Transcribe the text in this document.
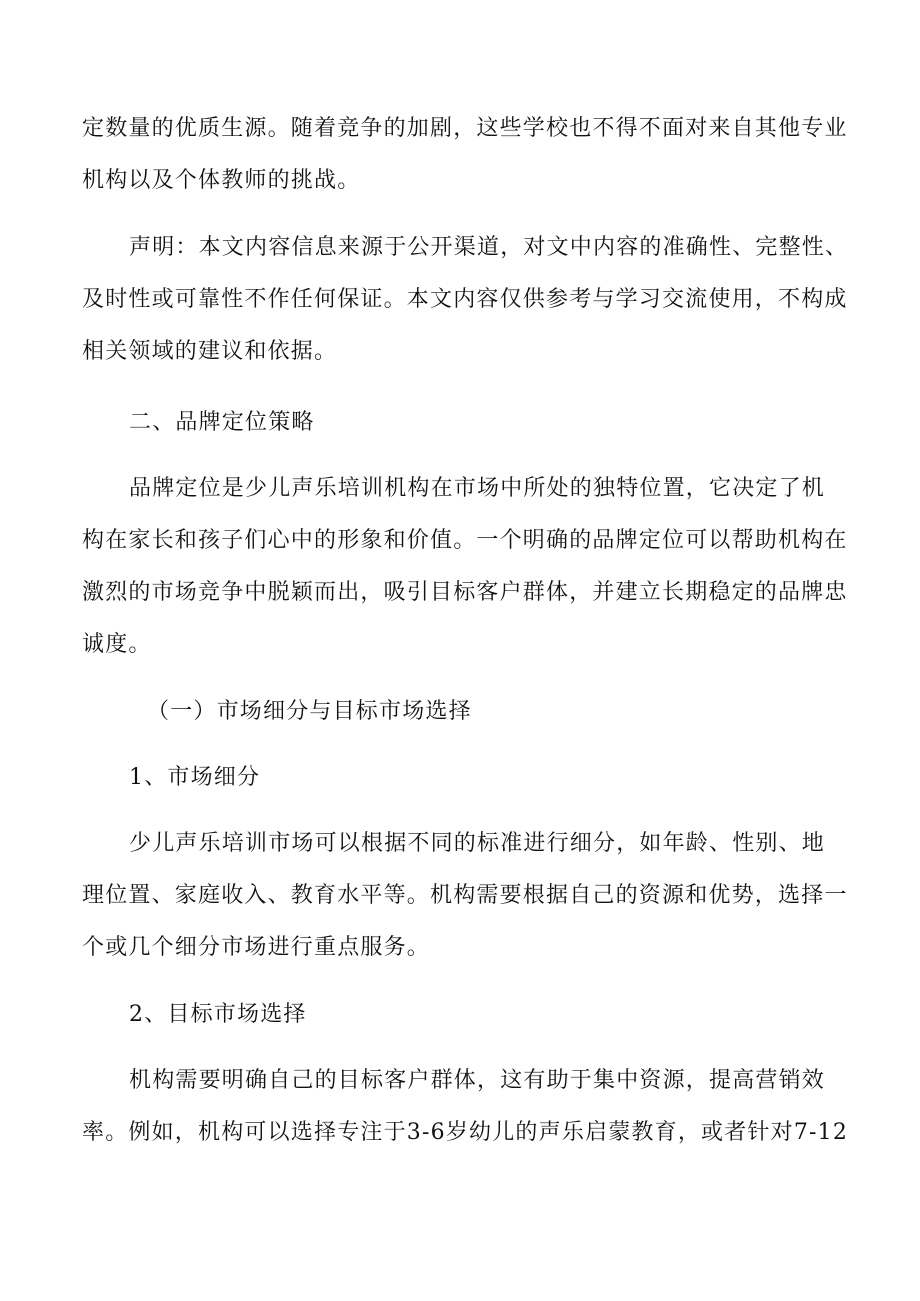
定数量的优质生源。随着竞争的加剧，这些学校也不得不面对来自其他专业
机构以及个体教师的挑战。
声明：本文内容信息来源于公开渠道，对文中内容的准确性、完整性、
及时性或可靠性不作任何保证。本文内容仅供参考与学习交流使用，不构成
相关领域的建议和依据。
二、品牌定位策略
品牌定位是少儿声乐培训机构在市场中所处的独特位置，它决定了机
构在家长和孩子们心中的形象和价值。一个明确的品牌定位可以帮助机构在
激烈的市场竞争中脱颖而出，吸引目标客户群体，并建立长期稳定的品牌忠
诚度。
（一）市场细分与目标市场选择
1、市场细分
少儿声乐培训市场可以根据不同的标准进行细分，如年龄、性别、地
理位置、家庭收入、教育水平等。机构需要根据自己的资源和优势，选择一
个或几个细分市场进行重点服务。
2、目标市场选择
机构需要明确自己的目标客户群体，这有助于集中资源，提高营销效
率。例如，机构可以选择专注于3-6岁幼儿的声乐启蒙教育，或者针对7-12
